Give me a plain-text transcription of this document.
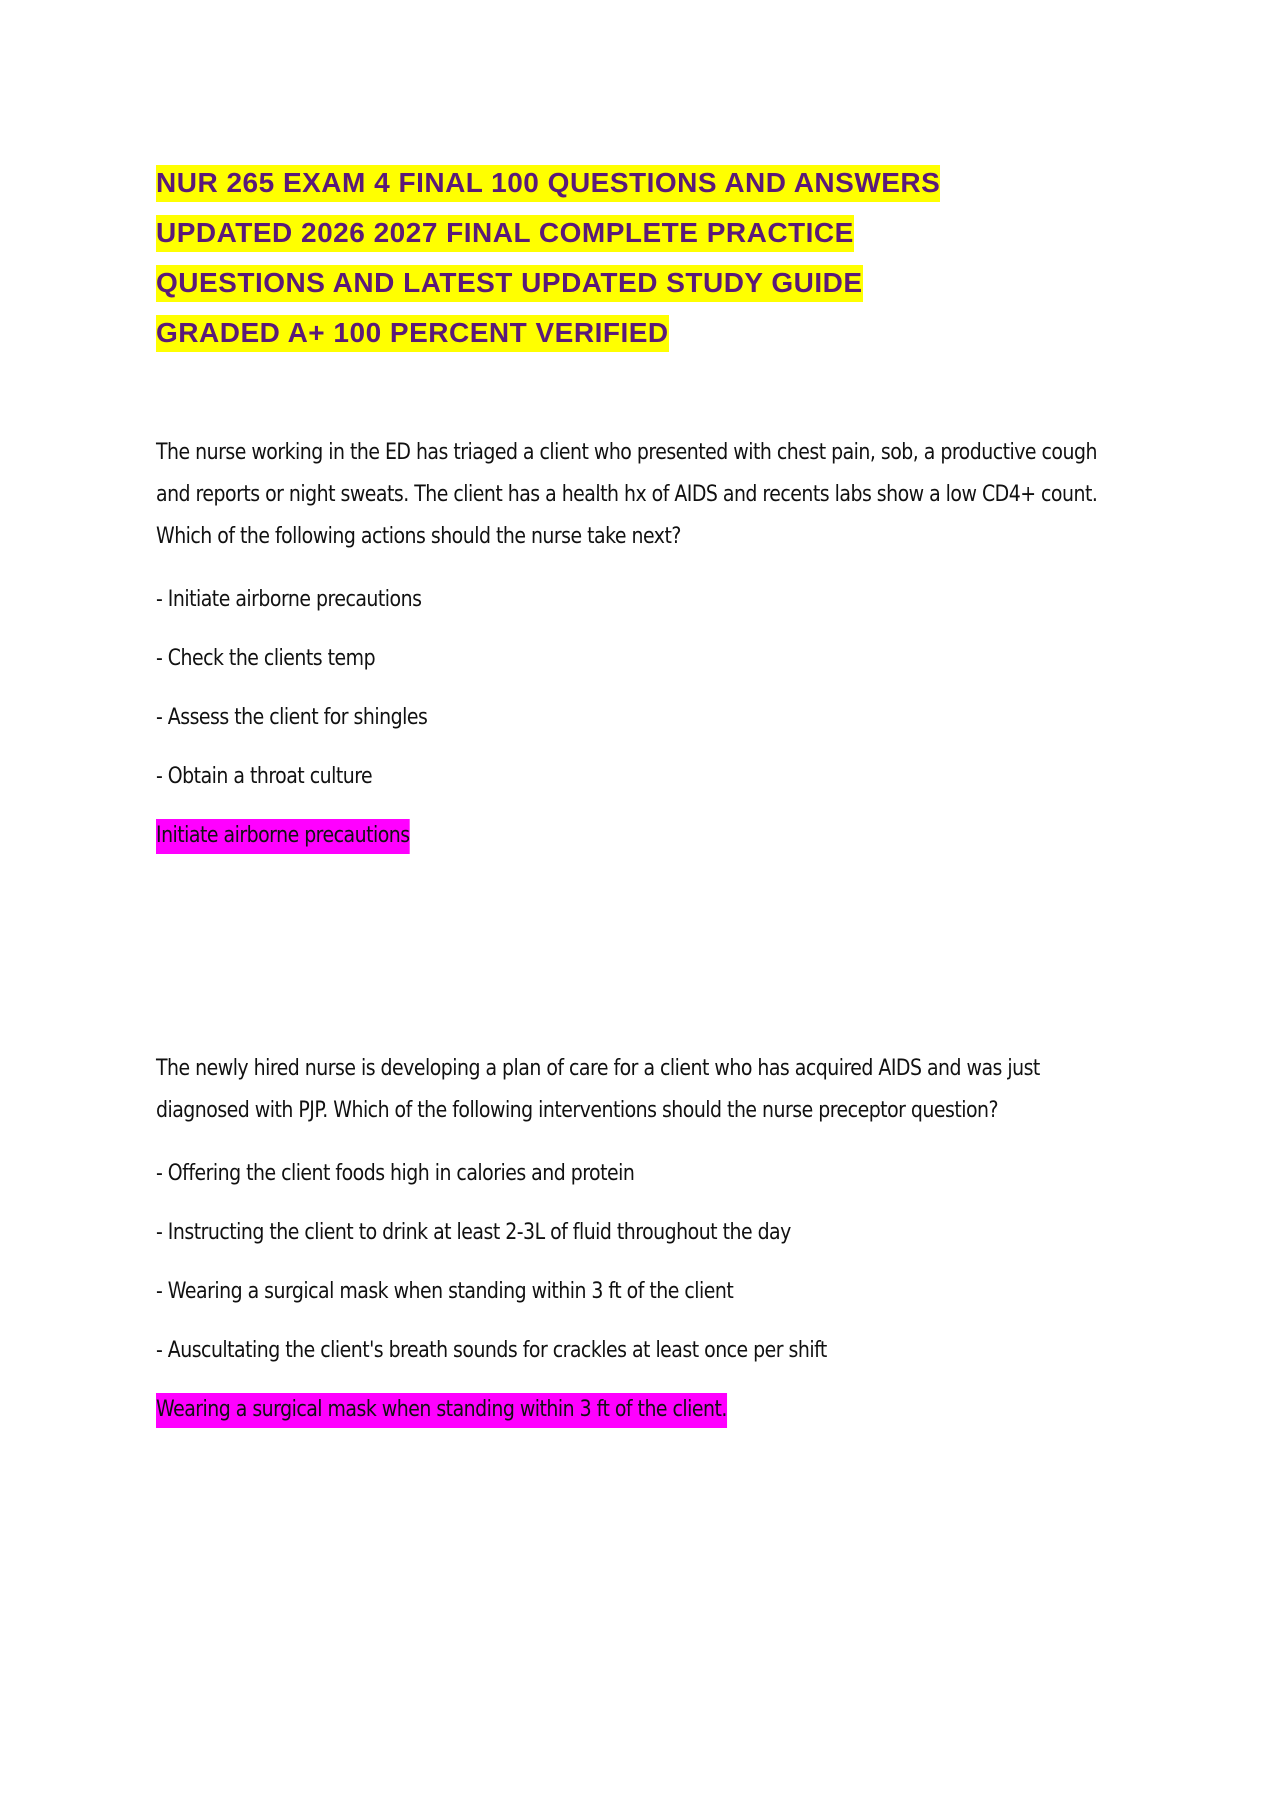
NUR 265 EXAM 4 FINAL 100 QUESTIONS AND ANSWERS
UPDATED 2026 2027 FINAL COMPLETE PRACTICE
QUESTIONS AND LATEST UPDATED STUDY GUIDE
GRADED A+ 100 PERCENT VERIFIED

The nurse working in the ED has triaged a client who presented with chest pain, sob, a productive cough and reports or night sweats. The client has a health hx of AIDS and recents labs show a low CD4+ count. Which of the following actions should the nurse take next?

- Initiate airborne precautions

- Check the clients temp

- Assess the client for shingles

- Obtain a throat culture

Initiate airborne precautions

The newly hired nurse is developing a plan of care for a client who has acquired AIDS and was just diagnosed with PJP. Which of the following interventions should the nurse preceptor question?

- Offering the client foods high in calories and protein

- Instructing the client to drink at least 2-3L of fluid throughout the day

- Wearing a surgical mask when standing within 3 ft of the client

- Auscultating the client's breath sounds for crackles at least once per shift

Wearing a surgical mask when standing within 3 ft of the client.
